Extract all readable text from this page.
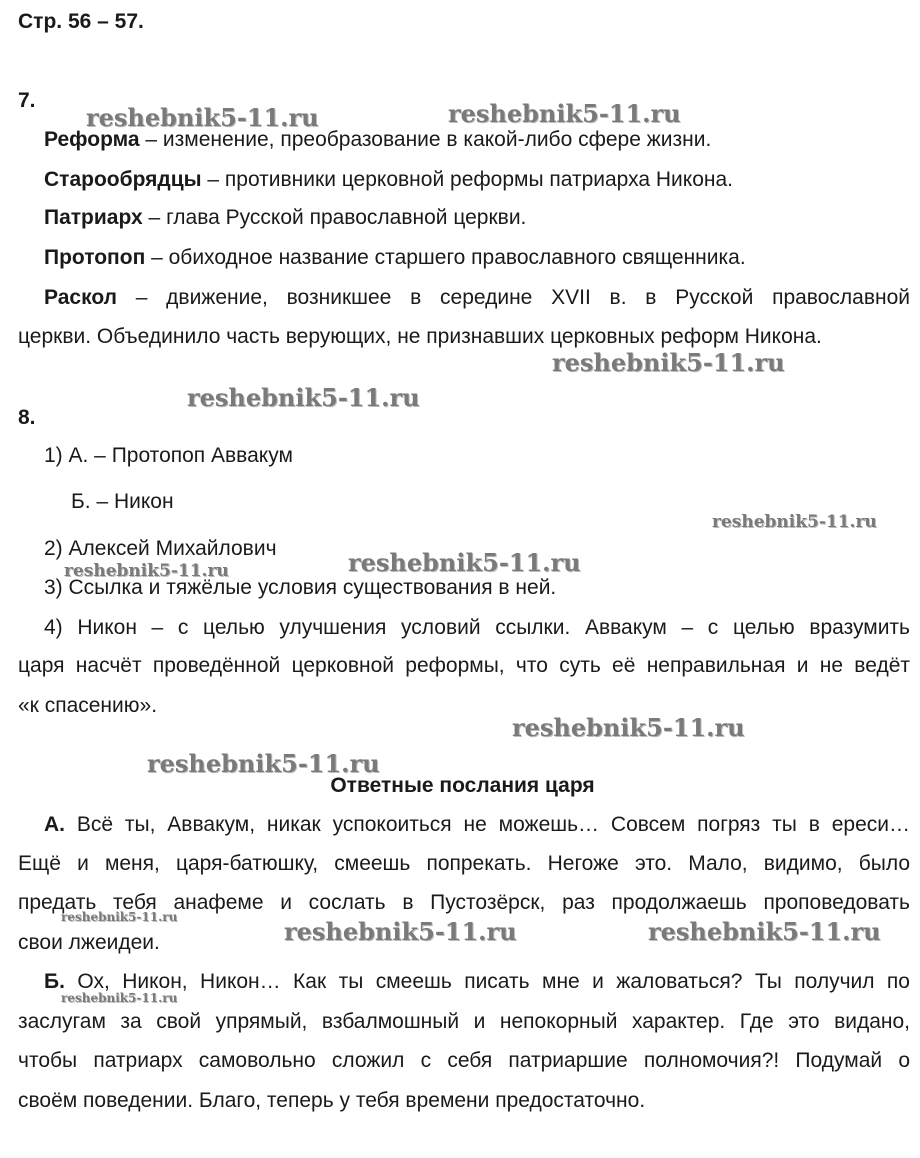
Стр. 56 – 57.
7.
Реформа – изменение, преобразование в какой-либо сфере жизни.
Старообрядцы – противники церковной реформы патриарха Никона.
Патриарх – глава Русской православной церкви.
Протопоп – обиходное название старшего православного священника.
Раскол – движение, возникшее в середине XVII в. в Русской православной
церкви. Объединило часть верующих, не признавших церковных реформ Никона.
8.
1) А. – Протопоп Аввакум
Б. – Никон
2) Алексей Михайлович
3) Ссылка и тяжёлые условия существования в ней.
4) Никон – с целью улучшения условий ссылки. Аввакум – с целью вразумить
царя насчёт проведённой церковной реформы, что суть её неправильная и не ведёт
«к спасению».
Ответные послания царя
А. Всё ты, Аввакум, никак успокоиться не можешь… Совсем погряз ты в ереси…
Ещё и меня, царя-батюшку, смеешь попрекать. Негоже это. Мало, видимо, было
предать тебя анафеме и сослать в Пустозёрск, раз продолжаешь проповедовать
свои лжеидеи.
Б. Ох, Никон, Никон… Как ты смеешь писать мне и жаловаться? Ты получил по
заслугам за свой упрямый, взбалмошный и непокорный характер. Где это видано,
чтобы патриарх самовольно сложил с себя патриаршие полномочия?! Подумай о
своём поведении. Благо, теперь у тебя времени предостаточно.
reshebnik5-11.ru	reshebnik5-11.ru
reshebnik5-11.ru
reshebnik5-11.ru
reshebnik5-11.ru
reshebnik5-11.ru
reshebnik5-11.ru
reshebnik5-11.ru
reshebnik5-11.ru
reshebnik5-11.ru	reshebnik5-11.ru	reshebnik5-11.ru
reshebnik5-11.ru
